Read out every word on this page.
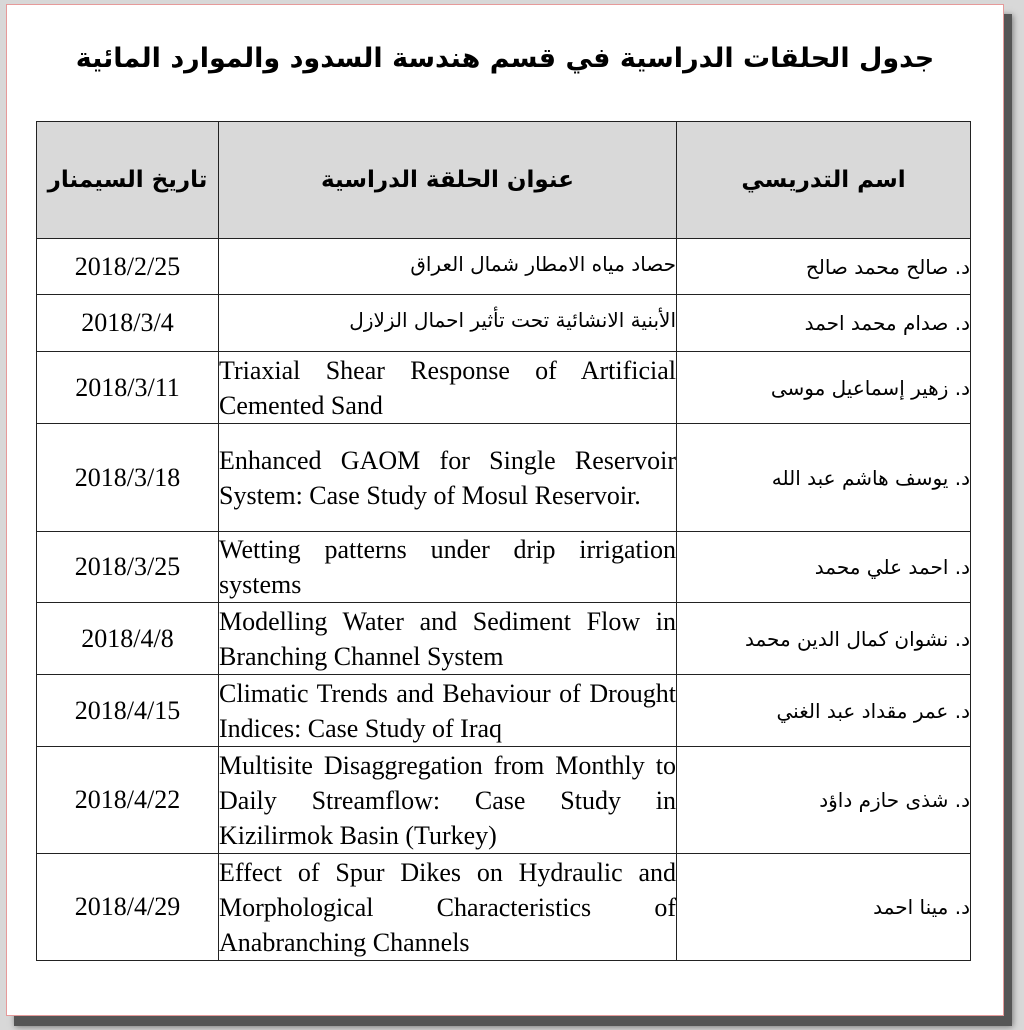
جدول الحلقات الدراسية في قسم هندسة السدود والموارد المائية
تاريخ السيمنار	عنوان الحلقة الدراسية	اسم التدريسي
2018/2/25	حصاد مياه الامطار شمال العراق	د. صالح محمد صالح
2018/3/4	الأبنية الانشائية تحت تأثير احمال الزلازل	د. صدام محمد احمد
2018/3/11	Triaxial Shear Response of Artificial Cemented Sand	د. زهير إسماعيل موسى
2018/3/18	Enhanced GAOM for Single Reservoir System: Case Study of Mosul Reservoir.	د. يوسف هاشم عبد الله
2018/3/25	Wetting patterns under drip irrigation systems	د. احمد علي محمد
2018/4/8	Modelling Water and Sediment Flow in Branching Channel System	د. نشوان كمال الدين محمد
2018/4/15	Climatic Trends and Behaviour of Drought Indices: Case Study of Iraq	د. عمر مقداد عبد الغني
2018/4/22	Multisite Disaggregation from Monthly to Daily Streamflow: Case Study in Kizilirmok Basin (Turkey)	د. شذى حازم داؤد
2018/4/29	Effect of Spur Dikes on Hydraulic and Morphological Characteristics of Anabranching Channels	د. مينا احمد
